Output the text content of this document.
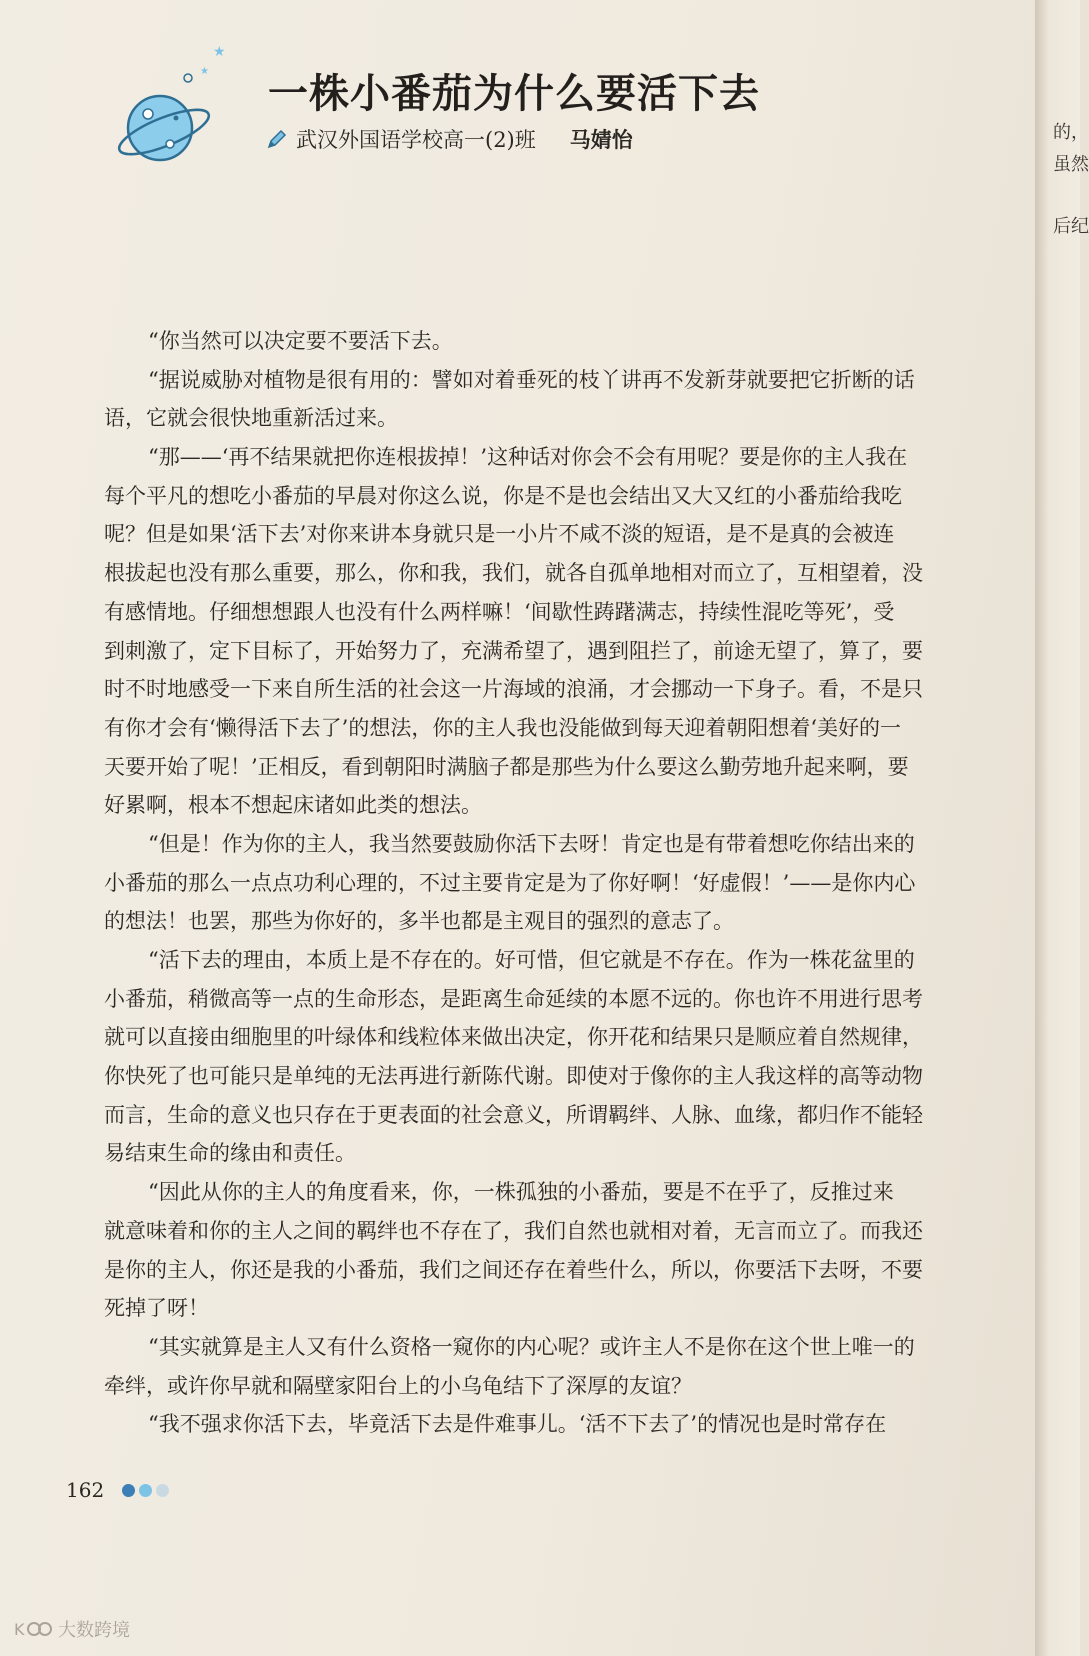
★
★ 一株小番茄为什么要活下去
武汉外国语学校高一(2)班 马婧怡
“你当然可以决定要不要活下去。
“据说威胁对植物是很有用的：譬如对着垂死的枝丫讲再不发新芽就要把它折断的话
语，它就会很快地重新活过来。
“那——‘再不结果就把你连根拔掉！’这种话对你会不会有用呢？要是你的主人我在
每个平凡的想吃小番茄的早晨对你这么说，你是不是也会结出又大又红的小番茄给我吃
呢？但是如果‘活下去’对你来讲本身就只是一小片不咸不淡的短语，是不是真的会被连
根拔起也没有那么重要，那么，你和我，我们，就各自孤单地相对而立了，互相望着，没
有感情地。仔细想想跟人也没有什么两样嘛！‘间歇性踌躇满志，持续性混吃等死’，受
到刺激了，定下目标了，开始努力了，充满希望了，遇到阻拦了，前途无望了，算了，要
时不时地感受一下来自所生活的社会这一片海域的浪涌，才会挪动一下身子。看，不是只
有你才会有‘懒得活下去了’的想法，你的主人我也没能做到每天迎着朝阳想着‘美好的一
天要开始了呢！’正相反，看到朝阳时满脑子都是那些为什么要这么勤劳地升起来啊，要
好累啊，根本不想起床诸如此类的想法。
“但是！作为你的主人，我当然要鼓励你活下去呀！肯定也是有带着想吃你结出来的
小番茄的那么一点点功利心理的，不过主要肯定是为了你好啊！‘好虚假！’——是你内心
的想法！也罢，那些为你好的，多半也都是主观目的强烈的意志了。
“活下去的理由，本质上是不存在的。好可惜，但它就是不存在。作为一株花盆里的
小番茄，稍微高等一点的生命形态，是距离生命延续的本愿不远的。你也许不用进行思考
就可以直接由细胞里的叶绿体和线粒体来做出决定，你开花和结果只是顺应着自然规律，
你快死了也可能只是单纯的无法再进行新陈代谢。即使对于像你的主人我这样的高等动物
而言，生命的意义也只存在于更表面的社会意义，所谓羁绊、人脉、血缘，都归作不能轻
易结束生命的缘由和责任。
“因此从你的主人的角度看来，你，一株孤独的小番茄，要是不在乎了，反推过来
就意味着和你的主人之间的羁绊也不存在了，我们自然也就相对着，无言而立了。而我还
是你的主人，你还是我的小番茄，我们之间还存在着些什么，所以，你要活下去呀，不要
死掉了呀！
“其实就算是主人又有什么资格一窥你的内心呢？或许主人不是你在这个世上唯一的
牵绊，或许你早就和隔壁家阳台上的小乌龟结下了深厚的友谊？
“我不强求你活下去，毕竟活下去是件难事儿。‘活不下去了’的情况也是时常存在
162
K 大数跨境
的，
虽然
后纪
